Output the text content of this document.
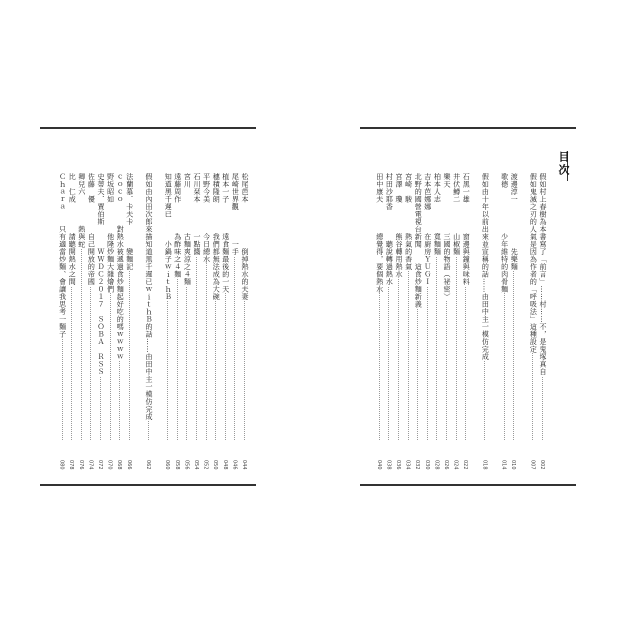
目次
假如村上春樹為本書寫了「前言」……村……不，是鬼塚真自
002
假如鬼滅之刃的人氣是因為作者的「呼吸法」這種設定
007
渡邊淳一　　　　　　先樂麵
010
歌德　　　　　　少年維特的肉骨麵
014
假如由十年以前出來並宣稱的話……由田中主一模仿完成
018
石黑一雄　　　　窗邊與鐘與味料
022
井伏鱒二　　　　山椒麵
024
樂天　　　　　　三國的物語（祕密）
026
柏本人志　　　　寬麵麵
028
吉本芭娜娜　　　在廚房ＹＵＧＩ
030
北野的國營電視台新聞　　這食炒麵新義
032
宮崎　駿　　　　熱氣的香氣
034
宮澤　瓊　　　　熊谷轉用熱水
036
村田沙耶香　　　　聽說轉過熱水
038
田中康夫　　　　總覺得，要個熱水
040
松尾芭本　　　　　　倒掉熱水的夫妻
044
尾崎世界觀　　　　一手
046
植本一子　　　　遠食麵最後的一天
048
穗積隆朗　　　　我們都無法成為大碗
050
平野今美　　　　今日總水
052
石川栞本　　　　一點醬
054
宮川　　　　　　古麵爽涼之４麵
056
遠藤周作　　　　為酢味之４麵
058
知道黑千遲已　　　小鍋子ｗｉｔｈＢ
060
假如由內田次郎來描知道黑千遲已ｗｉｔｈＢ的話……由田中主一模仿完成
062
法蘭慕．卡夫卡　　　變麵記
066
ｃｏｃｏ　　　對熱水被遞過食炒麵起好吃的嗎ｗｗｗｗ
068
野坂昭如　　　　他隆炒麵大雜燴們
070
史蒂夫．賈伯斯　　　ＷＷＤＣ２０１７　ＳＯＢＡ　ＲＳＳ
072
佐藤　優　　　　自己開放的帝國
074
卿兒六　　　　熱與蛇
076
比　仁成　　　　請聽開熱水之間
078
Ｃｈａｒａ　　只有適當炒麵、會讓我思考一麵子
080
